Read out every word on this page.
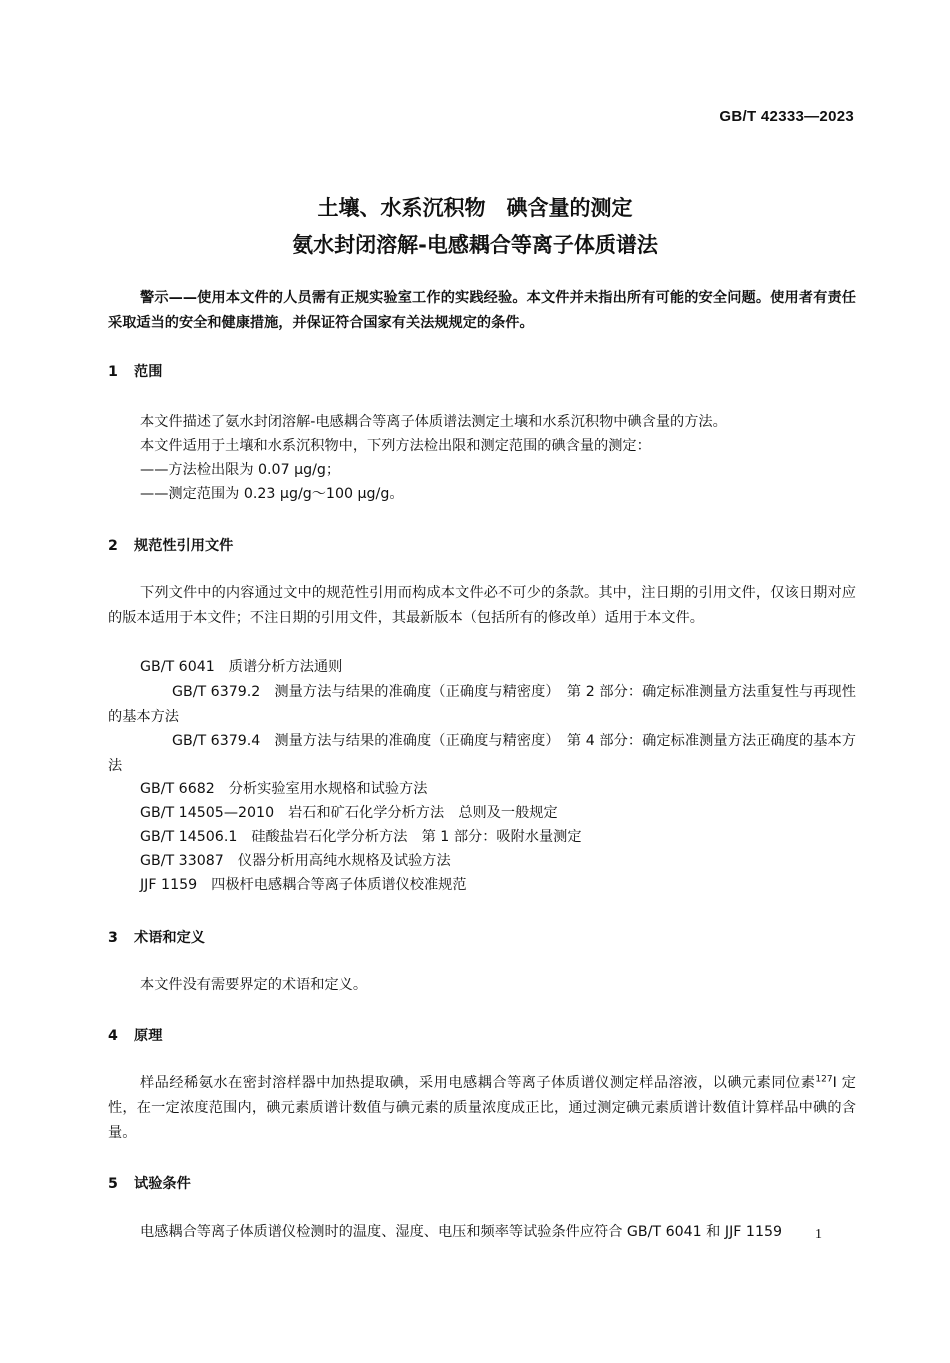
GB/T 42333—2023
土壤、水系沉积物　碘含量的测定
氨水封闭溶解-电感耦合等离子体质谱法
警示——使用本文件的人员需有正规实验室工作的实践经验。本文件并未指出所有可能的安全问题。使用者有责任采取适当的安全和健康措施，并保证符合国家有关法规规定的条件。
1 范围
本文件描述了氨水封闭溶解-电感耦合等离子体质谱法测定土壤和水系沉积物中碘含量的方法。
本文件适用于土壤和水系沉积物中，下列方法检出限和测定范围的碘含量的测定：
——方法检出限为 0.07 μg/g；
——测定范围为 0.23 μg/g～100 μg/g。
2 规范性引用文件
下列文件中的内容通过文中的规范性引用而构成本文件必不可少的条款。其中，注日期的引用文件，仅该日期对应的版本适用于本文件；不注日期的引用文件，其最新版本（包括所有的修改单）适用于本文件。
GB/T 6041 质谱分析方法通则
GB/T 6379.2 测量方法与结果的准确度（正确度与精密度）　第 2 部分：确定标准测量方法重复性与再现性的基本方法
GB/T 6379.4 测量方法与结果的准确度（正确度与精密度）　第 4 部分：确定标准测量方法正确度的基本方法
GB/T 6682 分析实验室用水规格和试验方法
GB/T 14505—2010 岩石和矿石化学分析方法　总则及一般规定
GB/T 14506.1 硅酸盐岩石化学分析方法　第 1 部分：吸附水量测定
GB/T 33087 仪器分析用高纯水规格及试验方法
JJF 1159 四极杆电感耦合等离子体质谱仪校准规范
3 术语和定义
本文件没有需要界定的术语和定义。
4 原理
样品经稀氨水在密封溶样器中加热提取碘，采用电感耦合等离子体质谱仪测定样品溶液，以碘元素同位素$^{127}$I 定性，在一定浓度范围内，碘元素质谱计数值与碘元素的质量浓度成正比，通过测定碘元素质谱计数值计算样品中碘的含量。
5 试验条件
电感耦合等离子体质谱仪检测时的温度、湿度、电压和频率等试验条件应符合 GB/T 6041 和 JJF 1159 1
